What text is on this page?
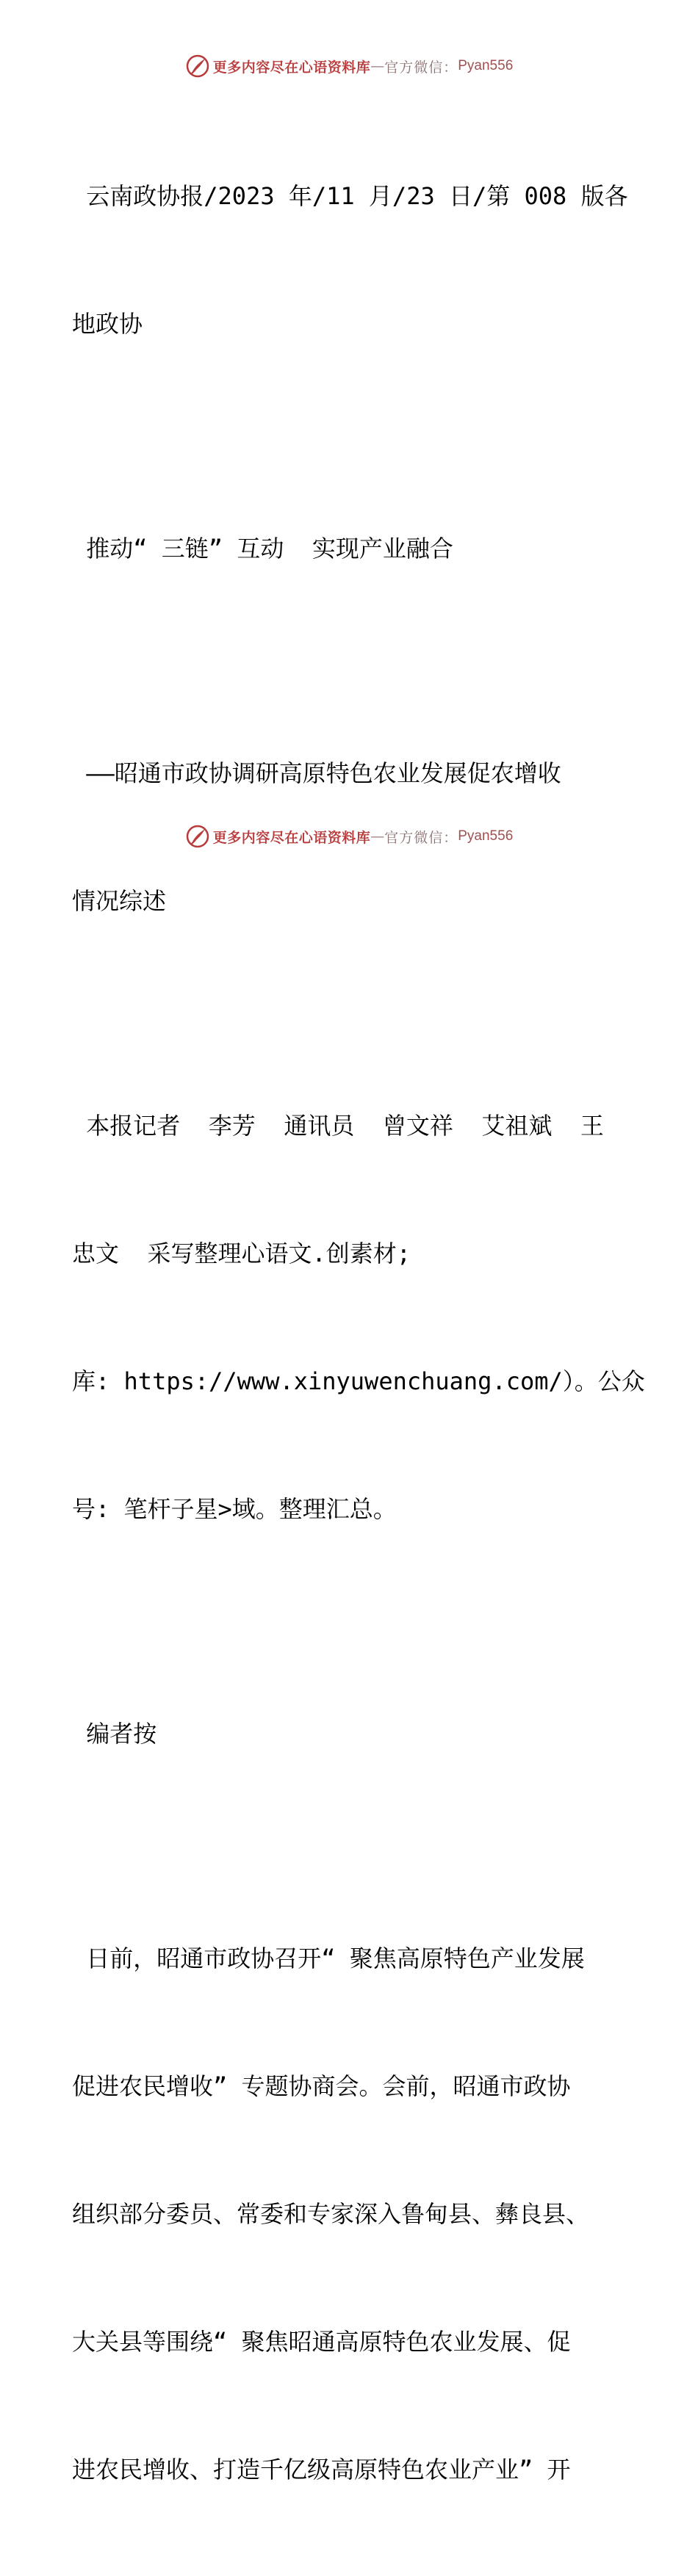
更多内容尽在心语资料库 — 官方微信： Pyan556

云南政协报/2023 年/11 月/23 日/第 008 版各

地政协

推动“ 三链” 互动  实现产业融合

——昭通市政协调研高原特色农业发展促农增收

情况综述

本报记者  李芳  通讯员  曾文祥  艾祖斌  王

忠文  采写整理心语文.创素材;

库: https://www.xinyuwenchuang.com/）。公众

号: 笔杆子星>域。整理汇总。

编者按

日前，昭通市政协召开“ 聚焦高原特色产业发展

促进农民增收” 专题协商会。会前，昭通市政协

组织部分委员、常委和专家深入鲁甸县、彝良县、

大关县等围绕“ 聚焦昭通高原特色农业发展、促

进农民增收、打造千亿级高原特色农业产业” 开

更多内容尽在心语资料库 — 官方微信： Pyan556
